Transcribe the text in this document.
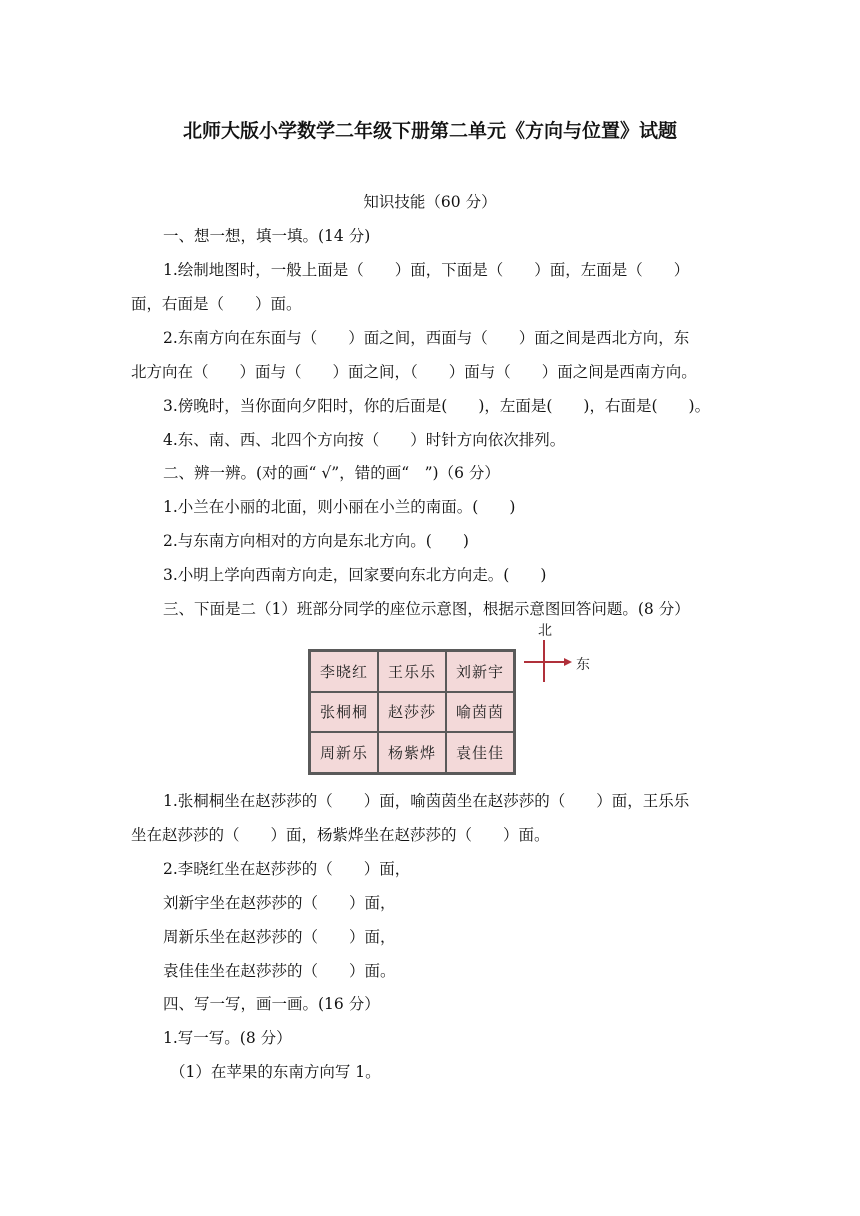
北师大版小学数学二年级下册第二单元《方向与位置》试题
知识技能（60 分）
一、想一想，填一填。(14 分)
1.绘制地图时，一般上面是（　　）面，下面是（　　）面，左面是（　　）
面，右面是（　　）面。
2.东南方向在东面与（　　）面之间，西面与（　　）面之间是西北方向，东
北方向在（　　）面与（　　）面之间，（　　）面与（　　）面之间是西南方向。
3.傍晚时，当你面向夕阳时，你的后面是(　　)，左面是(　　)，右面是(　　)。
4.东、南、西、北四个方向按（　　）时针方向依次排列。
二、辨一辨。(对的画“ √”，错的画“　”)（6 分）
1.小兰在小丽的北面，则小丽在小兰的南面。(　　)
2.与东南方向相对的方向是东北方向。(　　)
3.小明上学向西南方向走，回家要向东北方向走。(　　)
三、下面是二（1）班部分同学的座位示意图，根据示意图回答问题。(8 分）
李晓红	王乐乐	刘新宇
张桐桐	赵莎莎	喻茵茵
周新乐	杨紫烨	袁佳佳
北
东
1.张桐桐坐在赵莎莎的（　　）面，喻茵茵坐在赵莎莎的（　　）面，王乐乐
坐在赵莎莎的（　　）面，杨紫烨坐在赵莎莎的（　　）面。
2.李晓红坐在赵莎莎的（　　）面，
刘新宇坐在赵莎莎的（　　）面，
周新乐坐在赵莎莎的（　　）面，
袁佳佳坐在赵莎莎的（　　）面。
四、写一写，画一画。(16 分）
1.写一写。(8 分）
（1）在苹果的东南方向写 1。
